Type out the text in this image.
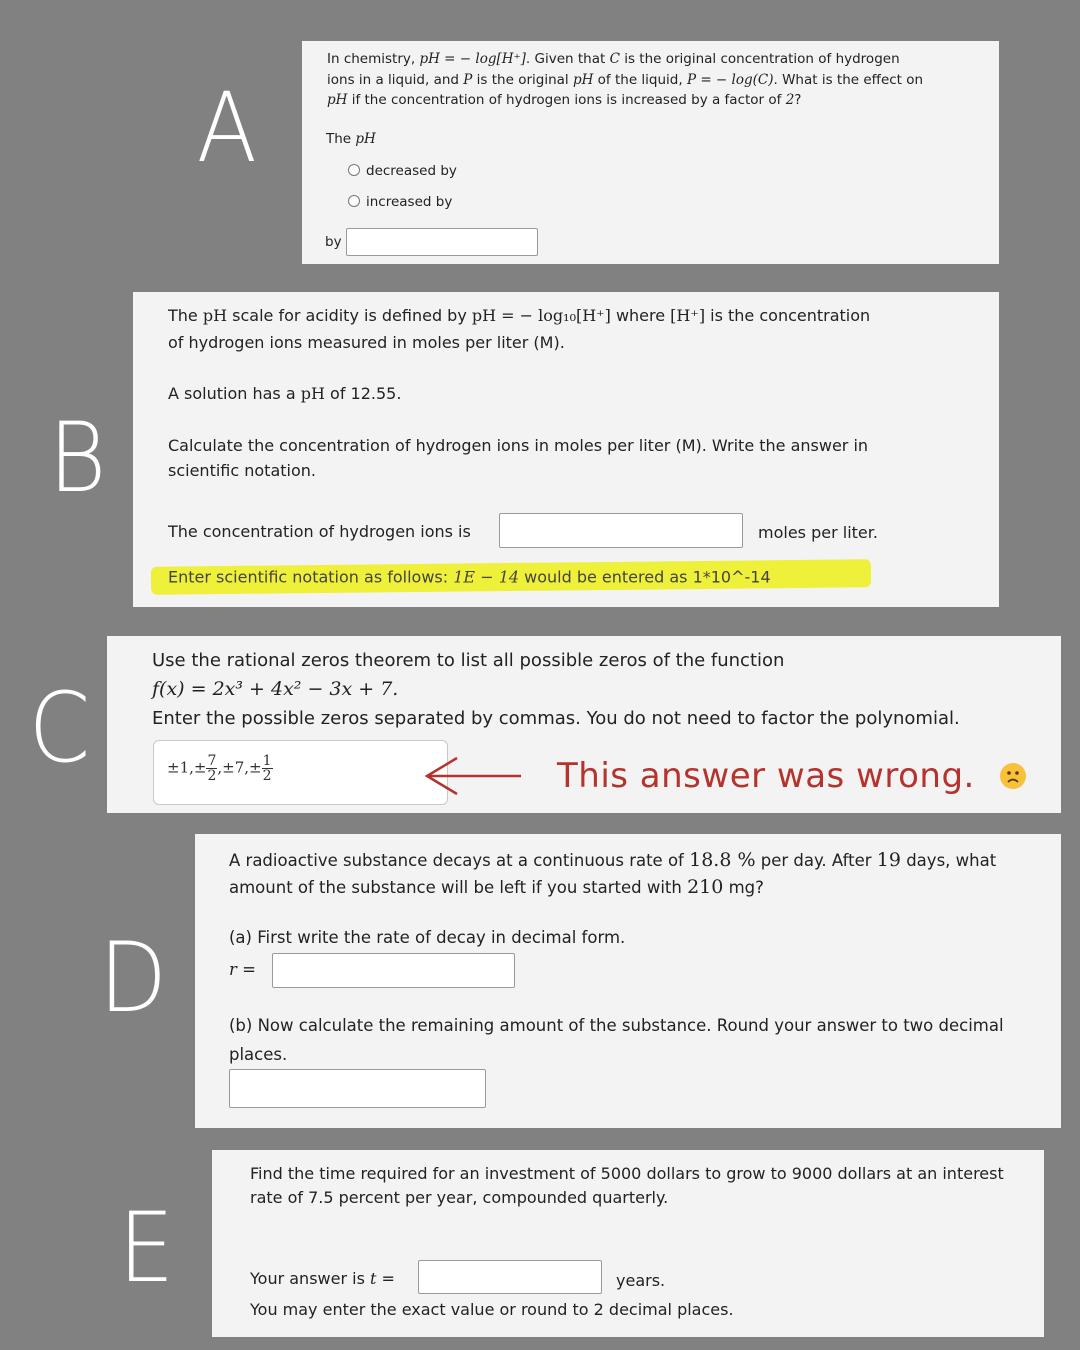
A
B
C
D
E
In chemistry, pH = − log[H⁺]. Given that C is the original concentration of hydrogen
ions in a liquid, and P is the original pH of the liquid, P = − log(C). What is the effect on
pH if the concentration of hydrogen ions is increased by a factor of 2?
The pH
decreased by
increased by
by
The pH scale for acidity is defined by pH = − log₁₀[H⁺] where [H⁺] is the concentration
of hydrogen ions measured in moles per liter (M).
A solution has a pH of 12.55.
Calculate the concentration of hydrogen ions in moles per liter (M). Write the answer in
scientific notation.
The concentration of hydrogen ions is	moles per liter.
Enter scientific notation as follows: 1E − 14 would be entered as 1*10^-14
Use the rational zeros theorem to list all possible zeros of the function
f(x) = 2x³ + 4x² − 3x + 7.
Enter the possible zeros separated by commas. You do not need to factor the polynomial.
$\pm 1,\pm \frac{7}{2} ,\pm 7,\pm \frac{1}{2}$	This answer was wrong.
A radioactive substance decays at a continuous rate of 18.8 % per day. After 19 days, what
amount of the substance will be left if you started with 210 mg?
(a) First write the rate of decay in decimal form.
r =
(b) Now calculate the remaining amount of the substance. Round your answer to two decimal
places.
Find the time required for an investment of 5000 dollars to grow to 9000 dollars at an interest
rate of 7.5 percent per year, compounded quarterly.
Your answer is t =	years.
You may enter the exact value or round to 2 decimal places.
